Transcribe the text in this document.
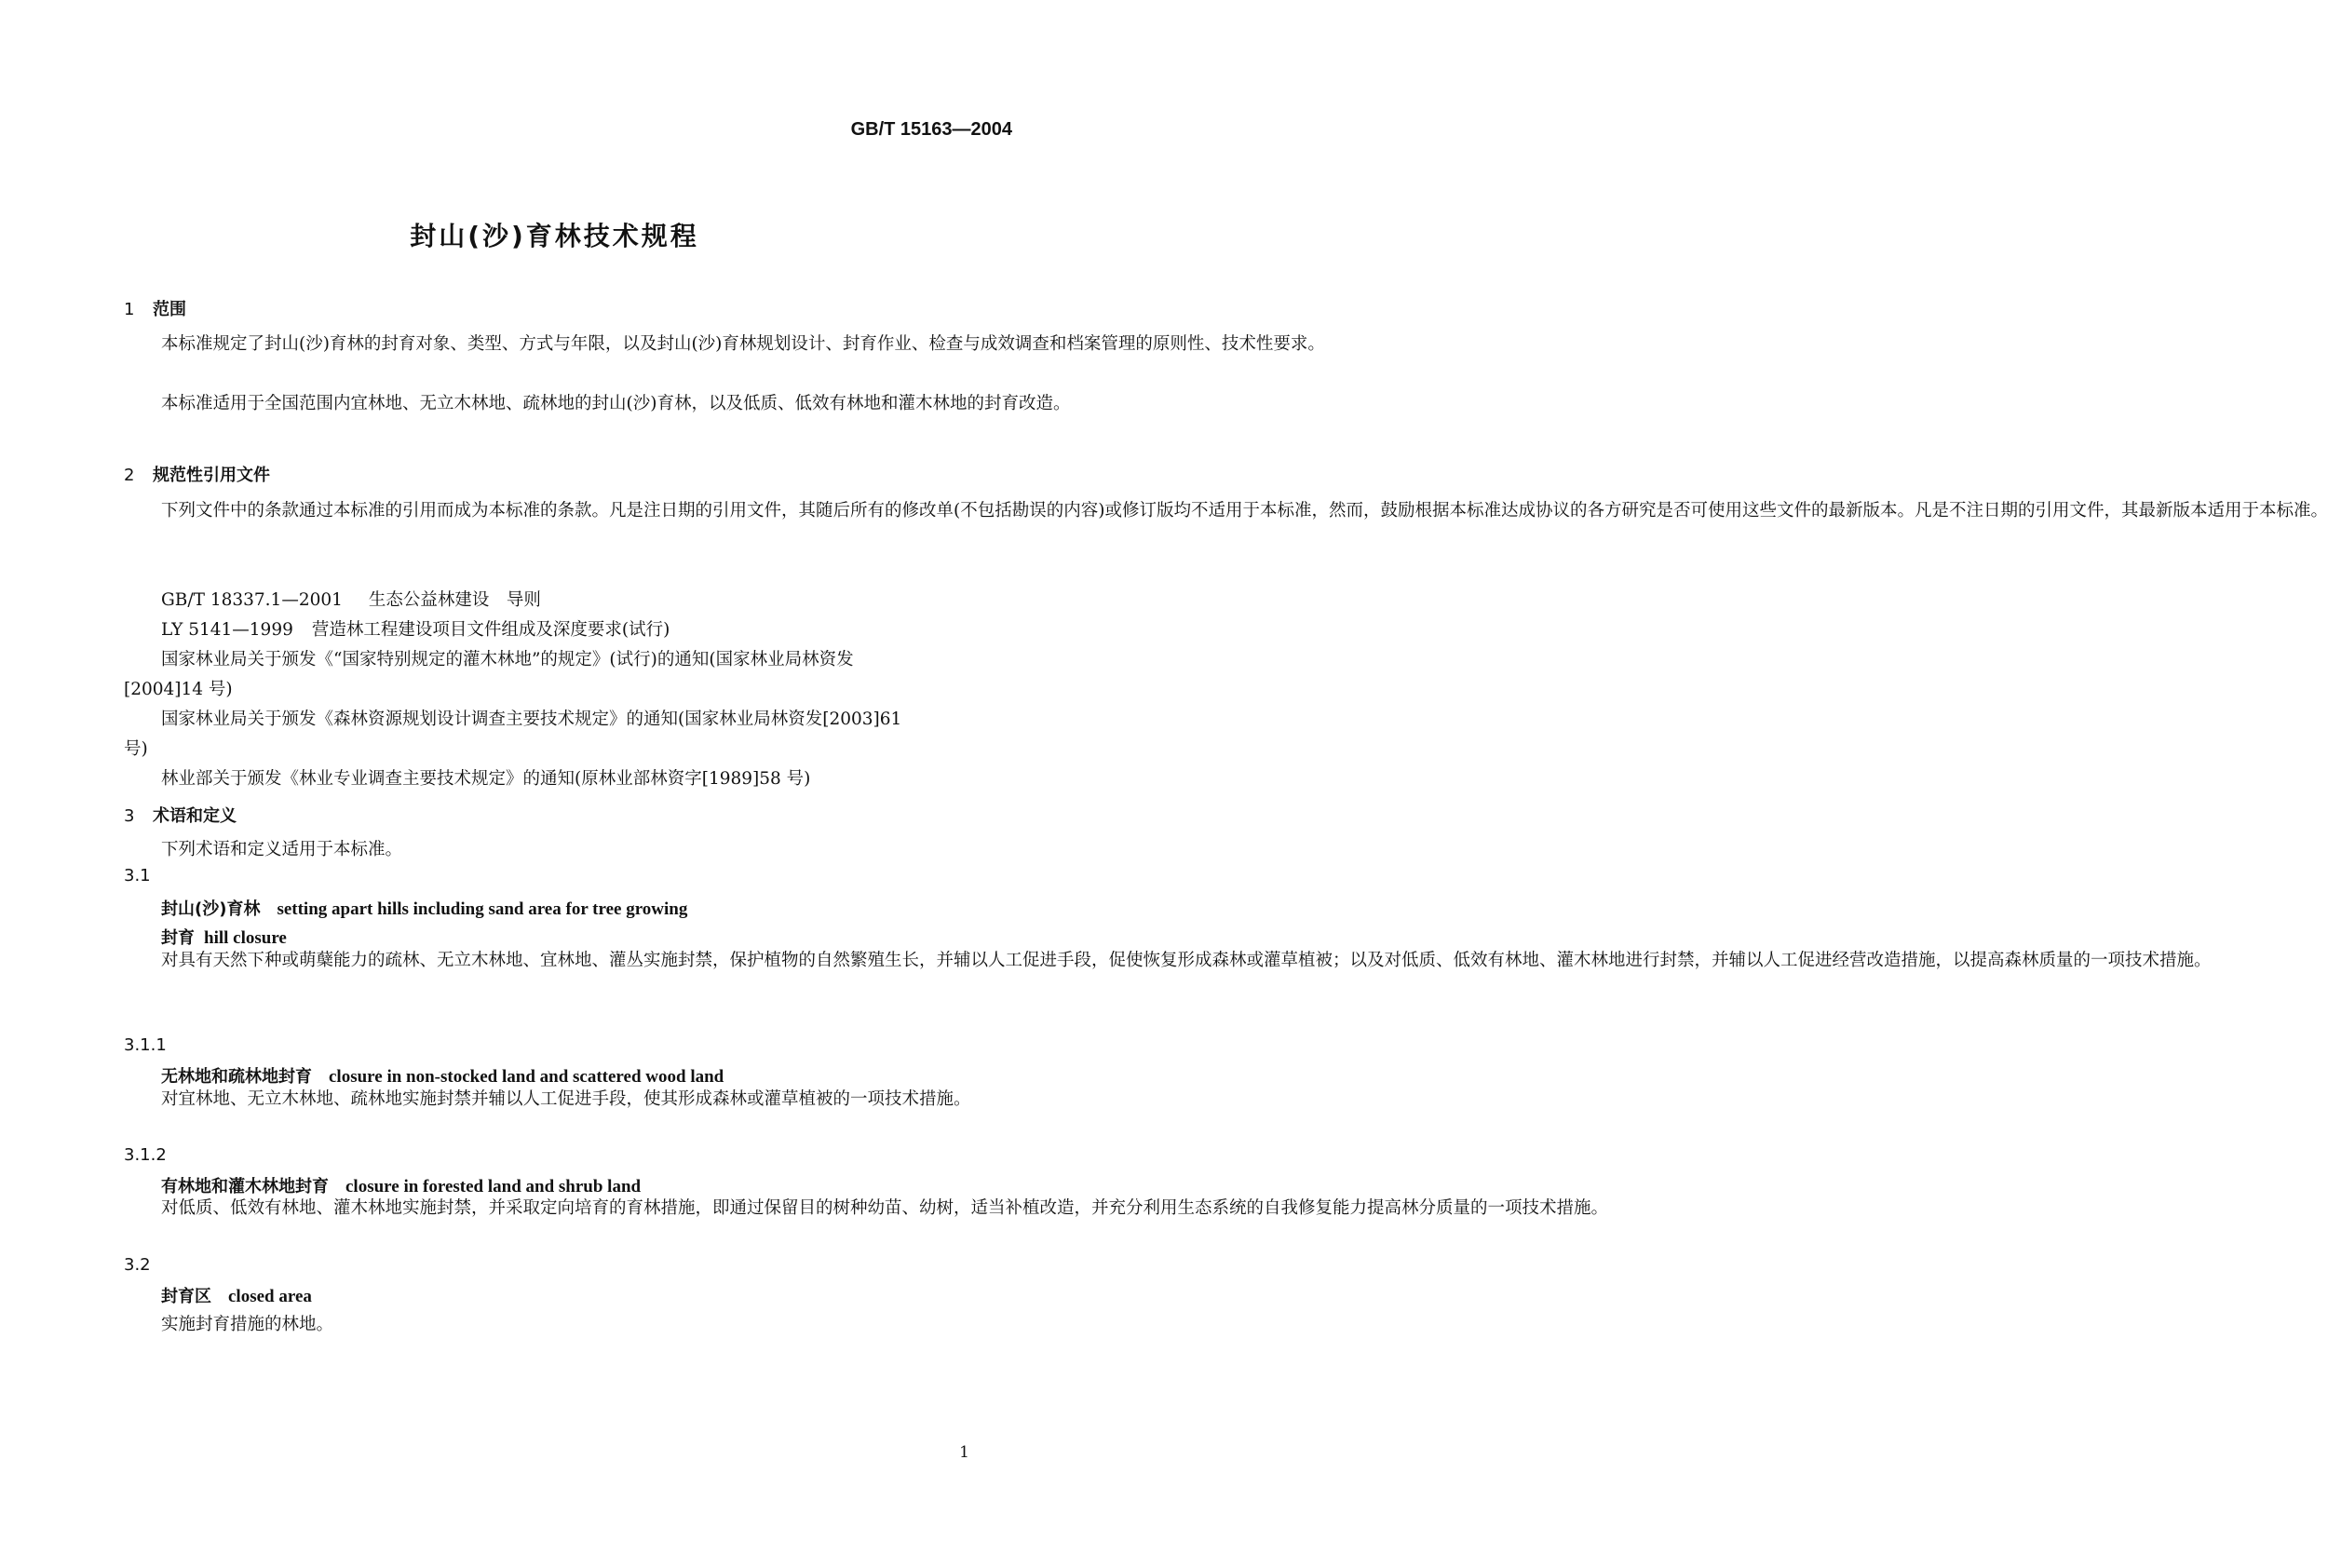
GB/T 15163—2004
封山(沙)育林技术规程
1 范围
本标准规定了封山(沙)育林的封育对象、类型、方式与年限，以及封山(沙)育林规划设计、封育作业、检查与成效调查和档案管理的原则性、技术性要求。
本标准适用于全国范围内宜林地、无立木林地、疏林地的封山(沙)育林，以及低质、低效有林地和灌木林地的封育改造。
2 规范性引用文件
下列文件中的条款通过本标准的引用而成为本标准的条款。凡是注日期的引用文件，其随后所有的修改单(不包括勘误的内容)或修订版均不适用于本标准，然而，鼓励根据本标准达成协议的各方研究是否可使用这些文件的最新版本。凡是不注日期的引用文件，其最新版本适用于本标准。
GB/T 18337.1—2001 生态公益林建设　导则
LY 5141—1999 营造林工程建设项目文件组成及深度要求(试行)
国家林业局关于颁发《“国家特别规定的灌木林地”的规定》(试行)的通知(国家林业局林资发
[2004]14 号)
国家林业局关于颁发《森林资源规划设计调查主要技术规定》的通知(国家林业局林资发[2003]61
号)
林业部关于颁发《林业专业调查主要技术规定》的通知(原林业部林资字[1989]58 号)
3 术语和定义
下列术语和定义适用于本标准。
3.1
封山(沙)育林 setting apart hills including sand area for tree growing
封育 hill closure
对具有天然下种或萌蘖能力的疏林、无立木林地、宜林地、灌丛实施封禁，保护植物的自然繁殖生长，并辅以人工促进手段，促使恢复形成森林或灌草植被；以及对低质、低效有林地、灌木林地进行封禁，并辅以人工促进经营改造措施，以提高森林质量的一项技术措施。
3.1.1
无林地和疏林地封育 closure in non-stocked land and scattered wood land
对宜林地、无立木林地、疏林地实施封禁并辅以人工促进手段，使其形成森林或灌草植被的一项技术措施。
3.1.2
有林地和灌木林地封育 closure in forested land and shrub land
对低质、低效有林地、灌木林地实施封禁，并采取定向培育的育林措施，即通过保留目的树种幼苗、幼树，适当补植改造，并充分利用生态系统的自我修复能力提高林分质量的一项技术措施。
3.2
封育区 closed area
实施封育措施的林地。
1
